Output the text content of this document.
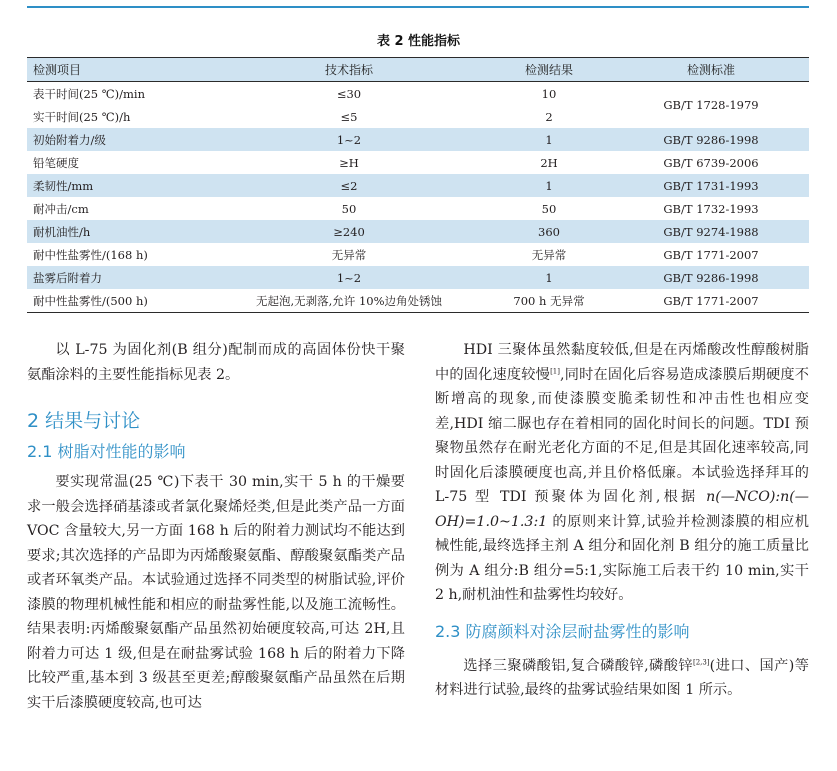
表 2 性能指标
检测项目	技术指标	检测结果	检测标准
表干时间(25 ℃)/min	≤30	10	GB/T 1728-1979
实干时间(25 ℃)/h	≤5	2	
初始附着力/级	1~2	1	GB/T 9286-1998
铅笔硬度	≥H	2H	GB/T 6739-2006
柔韧性/mm	≤2	1	GB/T 1731-1993
耐冲击/cm	50	50	GB/T 1732-1993
耐机油性/h	≥240	360	GB/T 9274-1988
耐中性盐雾性/(168 h)	无异常	无异常	GB/T 1771-2007
盐雾后附着力	1~2	1	GB/T 9286-1998
耐中性盐雾性/(500 h)	无起泡,无剥落,允许 10%边角处锈蚀	700 h 无异常	GB/T 1771-2007

以 L-75 为固化剂(B 组分)配制而成的高固体份快干聚氨酯涂料的主要性能指标见表 2。

2 结果与讨论

2.1 树脂对性能的影响

要实现常温(25 ℃)下表干 30 min,实干 5 h 的干燥要求一般会选择硝基漆或者氯化聚烯烃类,但是此类产品一方面 VOC 含量较大,另一方面 168 h 后的附着力测试均不能达到要求;其次选择的产品即为丙烯酸聚氨酯、醇酸聚氨酯类产品或者环氧类产品。本试验通过选择不同类型的树脂试验,评价漆膜的物理机械性能和相应的耐盐雾性能,以及施工流畅性。结果表明:丙烯酸聚氨酯产品虽然初始硬度较高,可达 2H,且附着力可达 1 级,但是在耐盐雾试验 168 h 后的附着力下降比较严重,基本到 3 级甚至更差;醇酸聚氨酯产品虽然在后期实干后漆膜硬度较高,也可达

HDI 三聚体虽然黏度较低,但是在丙烯酸改性醇酸树脂中的固化速度较慢[1],同时在固化后容易造成漆膜后期硬度不断增高的现象,而使漆膜变脆柔韧性和冲击性也相应变差,HDI 缩二脲也存在着相同的固化时间长的问题。TDI 预聚物虽然存在耐光老化方面的不足,但是其固化速率较高,同时固化后漆膜硬度也高,并且价格低廉。本试验选择拜耳的 L-75 型 TDI 预聚体为固化剂,根据 n(—NCO):n(—OH)=1.0~1.3:1 的原则来计算,试验并检测漆膜的相应机械性能,最终选择主剂 A 组分和固化剂 B 组分的施工质量比例为 A 组分:B 组分=5:1,实际施工后表干约 10 min,实干 2 h,耐机油性和盐雾性均较好。

2.3 防腐颜料对涂层耐盐雾性的影响

选择三聚磷酸铝,复合磷酸锌,磷酸锌[2,3](进口、国产)等材料进行试验,最终的盐雾试验结果如图 1 所示。
